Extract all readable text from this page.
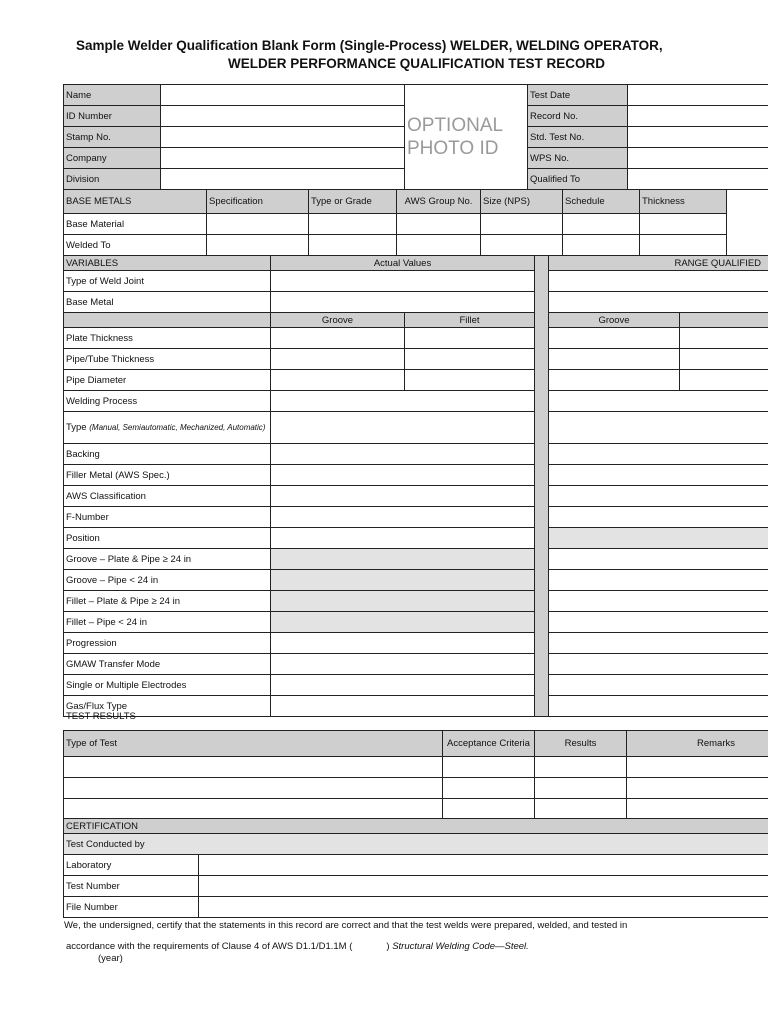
Sample Welder Qualification Blank Form (Single-Process) WELDER, WELDING OPERATOR,
WELDER PERFORMANCE QUALIFICATION TEST RECORD
Name		OPTIONAL PHOTO ID	Test Date	
ID Number			Record No.	
Stamp No.			Std. Test No.	
Company			WPS No.	
Division			Qualified To	
BASE METALS	Specification	Type or Grade	AWS Group No.	Size (NPS)	Schedule	Thickness
Base Material						
Welded To						
VARIABLES	Actual Values			RANGE QUALIFIED	
Type of Weld Joint					
Base Metal					
	Groove	Fillet		Groove	
Plate Thickness					
Pipe/Tube Thickness					
Pipe Diameter					
Welding Process					
Type (Manual, Semiautomatic, Mechanized, Automatic)					
Backing					
Filler Metal (AWS Spec.)					
AWS Classification					
F-Number					
Position					
Groove – Plate & Pipe ≥ 24 in					
Groove – Pipe < 24 in					
Fillet – Plate & Pipe ≥ 24 in					
Fillet – Pipe < 24 in					
Progression					
GMAW Transfer Mode					
Single or Multiple Electrodes					
Gas/Flux Type					
TEST RESULTS
Type of Test	Acceptance Criteria	Results	Remarks

CERTIFICATION	
Test Conducted by	
Laboratory	
Test Number	
File Number	
We, the undersigned, certify that the statements in this record are correct and that the test welds were prepared, welded, and tested in
accordance with the requirements of Clause 4 of AWS D1.1/D1.1M (	) Structural Welding Code—Steel.
(year)
